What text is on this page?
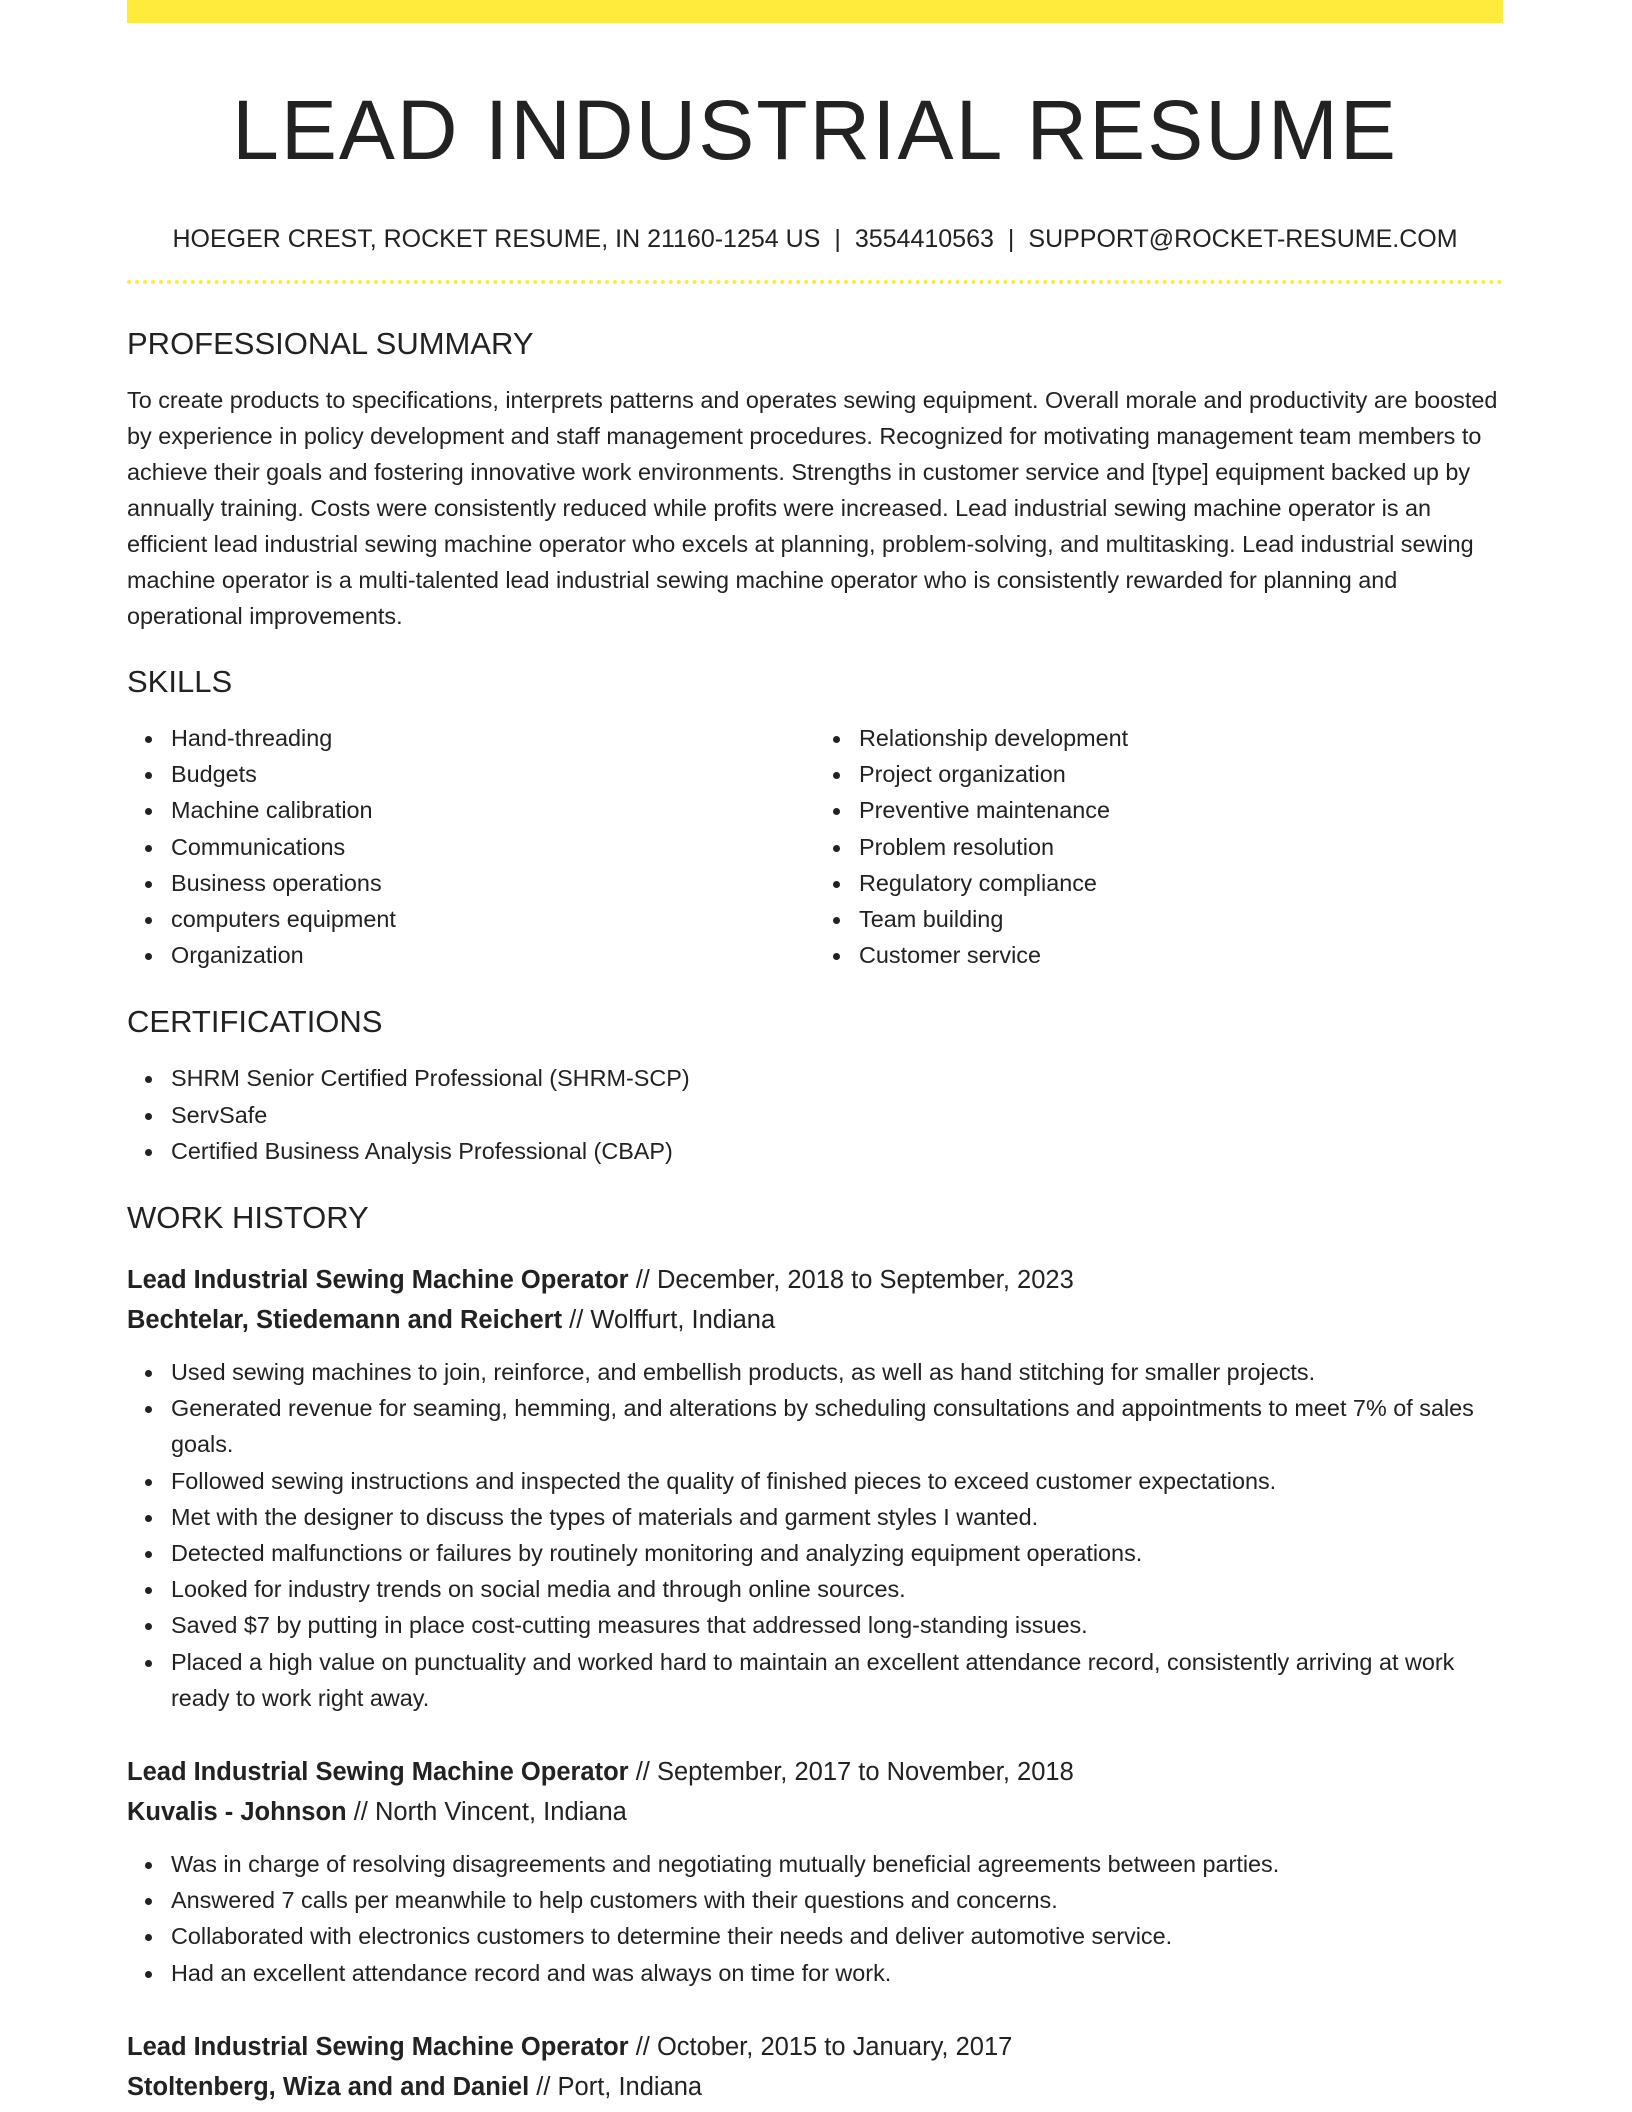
LEAD INDUSTRIAL RESUME
HOEGER CREST, ROCKET RESUME, IN 21160-1254 US | 3554410563 | SUPPORT@ROCKET-RESUME.COM
PROFESSIONAL SUMMARY

To create products to specifications, interprets patterns and operates sewing equipment. Overall morale and productivity are boosted by experience in policy development and staff management procedures. Recognized for motivating management team members to achieve their goals and fostering innovative work environments. Strengths in customer service and [type] equipment backed up by annually training. Costs were consistently reduced while profits were increased. Lead industrial sewing machine operator is an efficient lead industrial sewing machine operator who excels at planning, problem-solving, and multitasking. Lead industrial sewing machine operator is a multi-talented lead industrial sewing machine operator who is consistently rewarded for planning and operational improvements.

SKILLS
Hand-threading
Budgets
Machine calibration
Communications
Business operations
computers equipment
Organization
Relationship development
Project organization
Preventive maintenance
Problem resolution
Regulatory compliance
Team building
Customer service
CERTIFICATIONS
SHRM Senior Certified Professional (SHRM-SCP)
ServSafe
Certified Business Analysis Professional (CBAP)
WORK HISTORY
Lead Industrial Sewing Machine Operator // December, 2018 to September, 2023
Bechtelar, Stiedemann and Reichert // Wolffurt, Indiana
Used sewing machines to join, reinforce, and embellish products, as well as hand stitching for smaller projects.
Generated revenue for seaming, hemming, and alterations by scheduling consultations and appointments to meet 7% of sales goals.
Followed sewing instructions and inspected the quality of finished pieces to exceed customer expectations.
Met with the designer to discuss the types of materials and garment styles I wanted.
Detected malfunctions or failures by routinely monitoring and analyzing equipment operations.
Looked for industry trends on social media and through online sources.
Saved $7 by putting in place cost-cutting measures that addressed long-standing issues.
Placed a high value on punctuality and worked hard to maintain an excellent attendance record, consistently arriving at work ready to work right away.
Lead Industrial Sewing Machine Operator // September, 2017 to November, 2018
Kuvalis - Johnson // North Vincent, Indiana
Was in charge of resolving disagreements and negotiating mutually beneficial agreements between parties.
Answered 7 calls per meanwhile to help customers with their questions and concerns.
Collaborated with electronics customers to determine their needs and deliver automotive service.
Had an excellent attendance record and was always on time for work.
Lead Industrial Sewing Machine Operator // October, 2015 to January, 2017
Stoltenberg, Wiza and and Daniel // Port, Indiana
